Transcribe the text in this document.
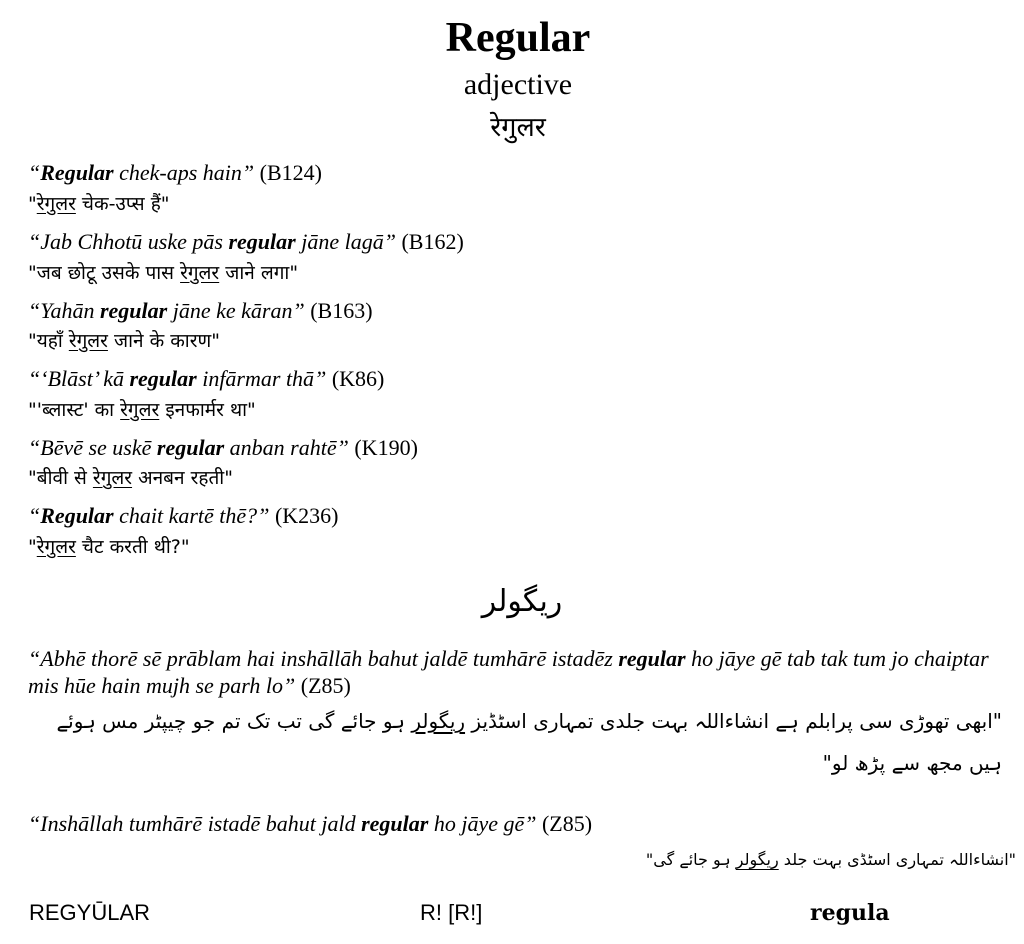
Regular
adjective
रेगुलर
“Regular chek-aps hain” (B124)
"रेगुलर चेक-उप्स हैं"
“Jab Chhotū uske pās regular jāne lagā” (B162)
"जब छोटू उसके पास रेगुलर जाने लगा"
“Yahān regular jāne ke kāran” (B163)
"यहाँ रेगुलर जाने के कारण"
“‘Blāst’ kā regular infārmar thā” (K86)
"'ब्लास्ट' का रेगुलर इनफार्मर था"
“Bēvē se uskē regular anban rahtē” (K190)
"बीवी से रेगुलर अनबन रहती"
“Regular chait kartē thē?” (K236)
"रेगुलर चैट करती थी?"
ریگولر
“Abhē thorē sē prāblam hai inshāllāh bahut jaldē tumhārē istadēz regular ho jāye gē tab tak tum jo chaiptar mis hūe hain mujh se parh lo” (Z85)
"ابھی تھوڑی سی پرابلم ہے انشاءاللہ بہت جلدی تمہاری اسٹڈیز ریگولر ہو جائے گی تب تک تم جو چیپٹر مس ہوئے ہیں مجھ سے پڑھ لو"
“Inshāllah tumhārē istadē bahut jald regular ho jāye gē” (Z85)
"انشاءاللہ تمہاری اسٹڈی بہت جلد ریگولر ہو جائے گی"
REGYŪLAR	R! [R!]	regula
